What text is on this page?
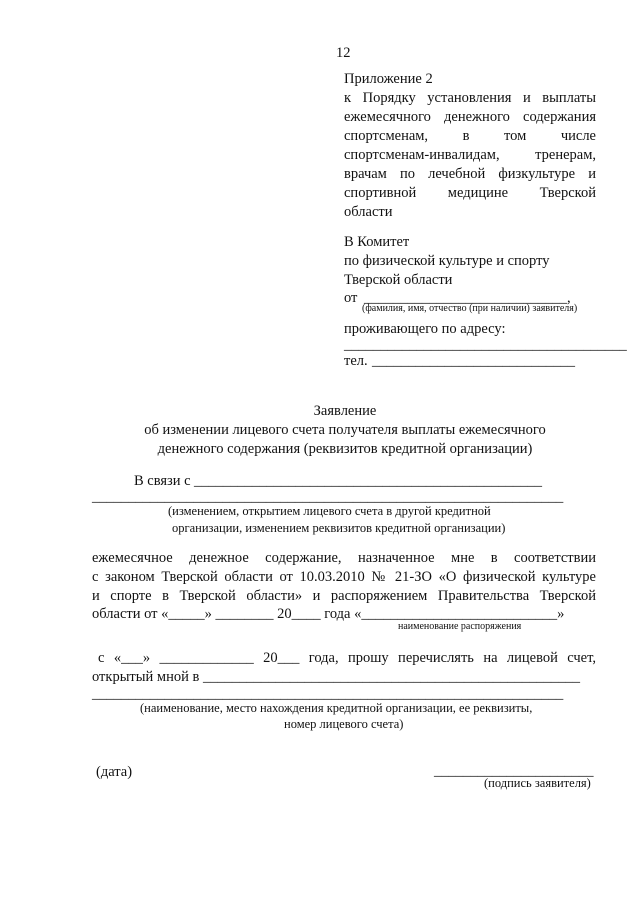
12
Приложение 2
к Порядку установления и выплаты
ежемесячного денежного содержания
спортсменам, в том числе
спортсменам-инвалидам, тренерам,
врачам по лечебной физкультуре и
спортивной медицине Тверской
области
В Комитет
по физической культуре и спорту
Тверской области
от ____________________________,
(фамилия, имя, отчество (при наличии) заявителя)
проживающего по адресу:
_______________________________________
тел. ____________________________
Заявление
об изменении лицевого счета получателя выплаты ежемесячного
денежного содержания (реквизитов кредитной организации)
В связи с ________________________________________________
_________________________________________________________________
(изменением, открытием лицевого счета в другой кредитной
организации, изменением реквизитов кредитной организации)
ежемесячное денежное содержание, назначенное мне в соответствии
с законом Тверской области от 10.03.2010 № 21-ЗО «О физической культуре
и спорте в Тверской области» и распоряжением Правительства Тверской
области от «_____» ________ 20____ года «___________________________»
наименование распоряжения
с «___» _____________ 20___ года, прошу перечислять на лицевой счет,
открытый мной в ____________________________________________________
_________________________________________________________________
(наименование, место нахождения кредитной организации, ее реквизиты,
номер лицевого счета)
(дата)	______________________
(подпись заявителя)
